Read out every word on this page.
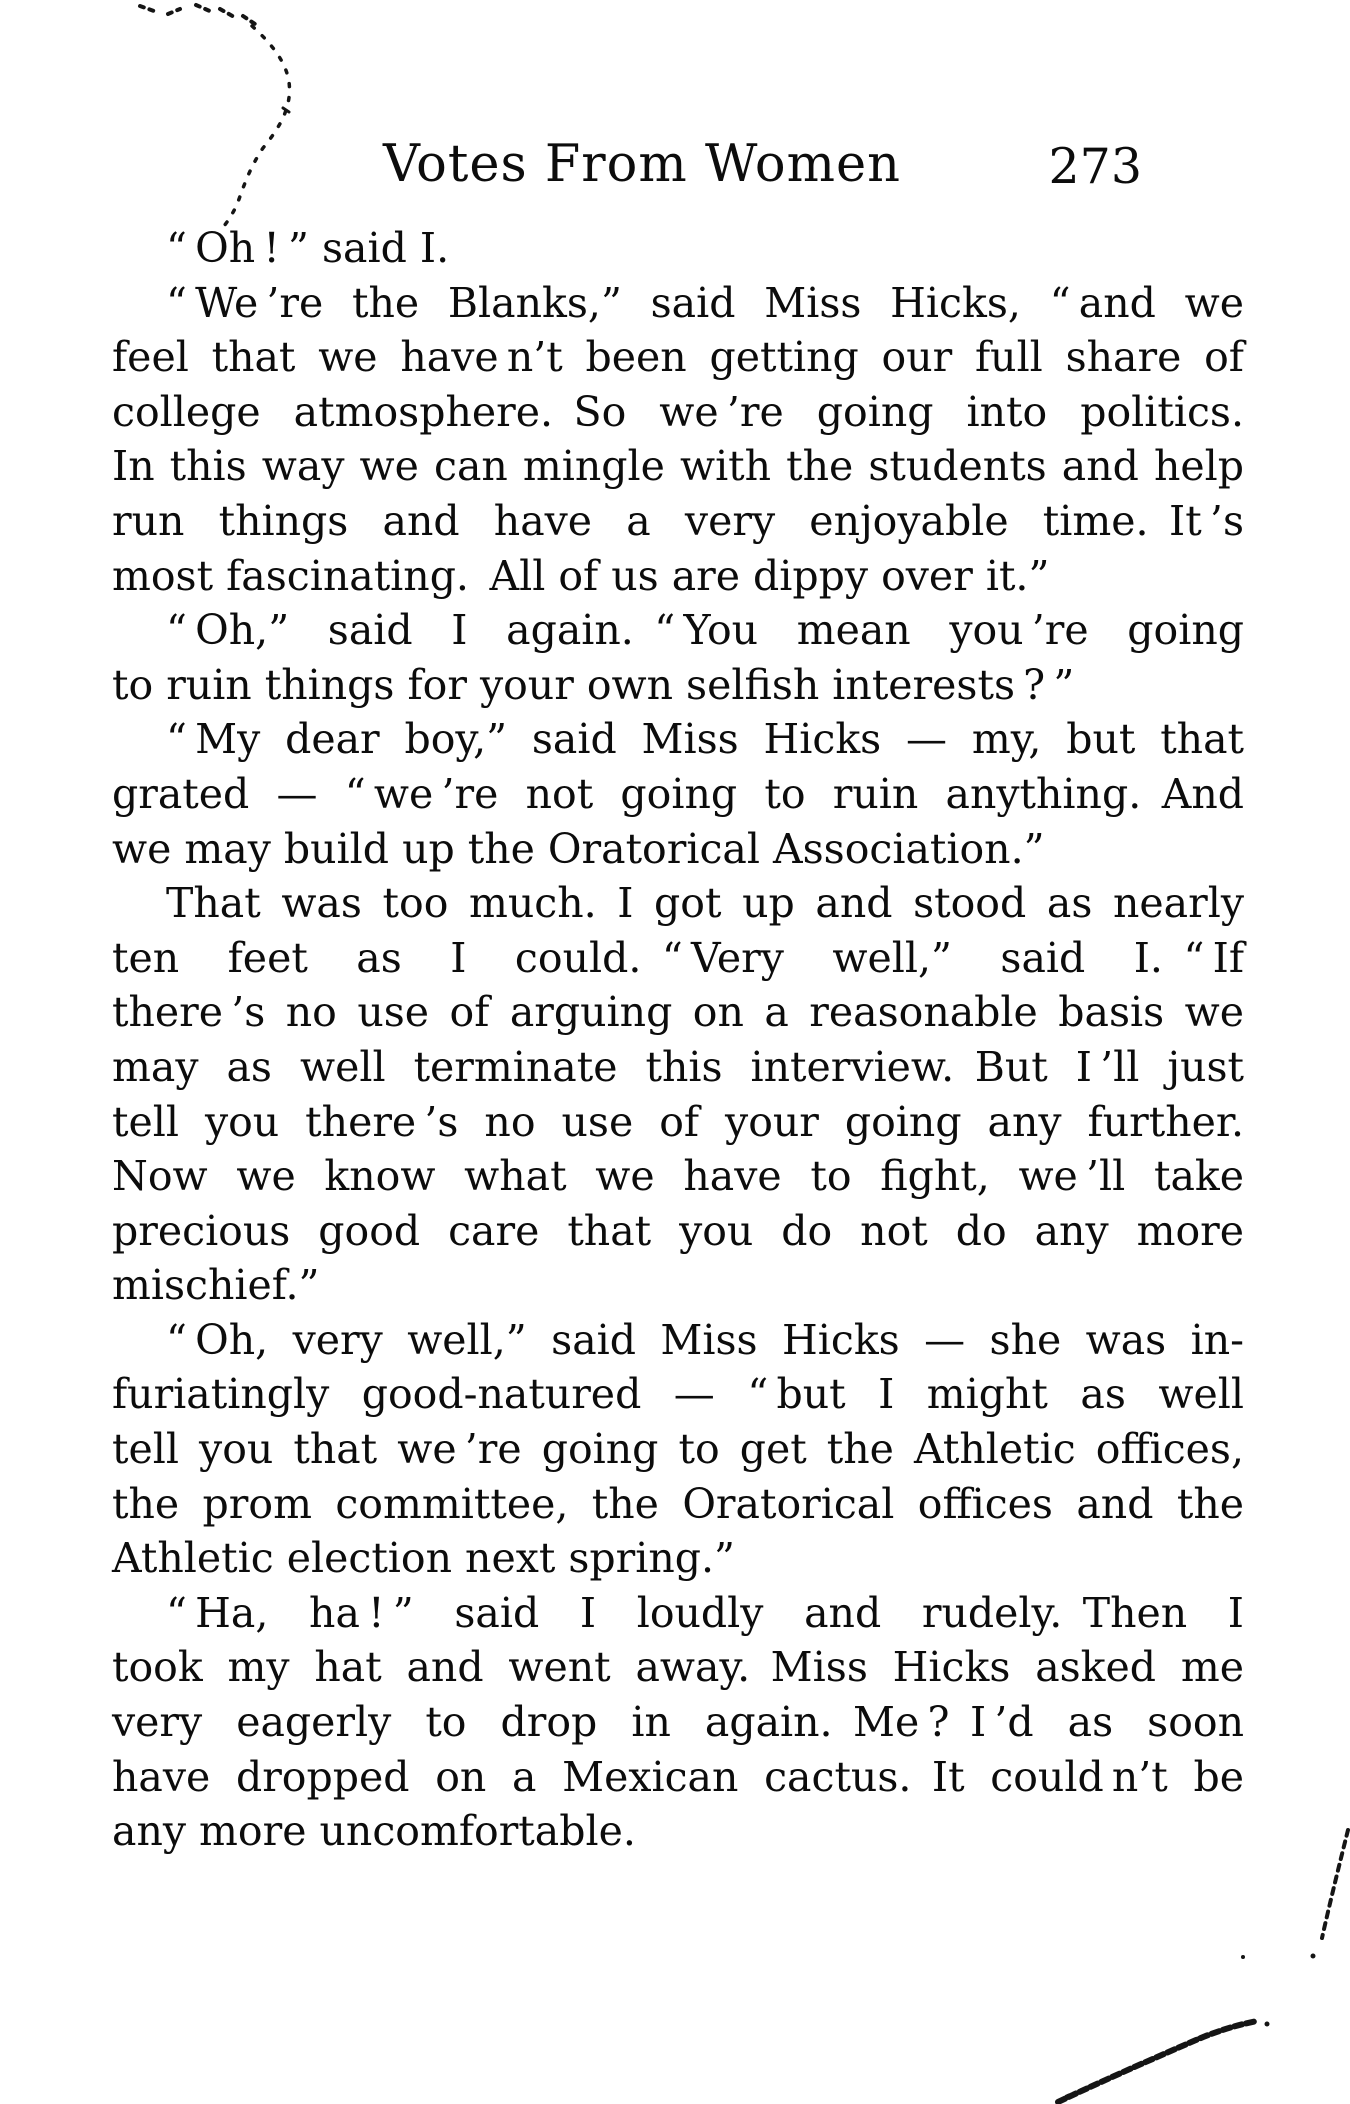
Votes From Women	273
“ Oh ! ” said I.
“ We ’re the Blanks,” said Miss Hicks, “ and we
feel that we have n’t been getting our full share of
college atmosphere. So we ’re going into politics.
In this way we can mingle with the students and help
run things and have a very enjoyable time. It ’s
most fascinating. All of us are dippy over it.”
“ Oh,” said I again. “ You mean you ’re going
to ruin things for your own selfish interests ? ”
“ My dear boy,” said Miss Hicks — my, but that
grated — “ we ’re not going to ruin anything. And
we may build up the Oratorical Association.”
That was too much. I got up and stood as nearly
ten feet as I could. “ Very well,” said I. “ If
there ’s no use of arguing on a reasonable basis we
may as well terminate this interview. But I ’ll just
tell you there ’s no use of your going any further.
Now we know what we have to fight, we ’ll take
precious good care that you do not do any more
mischief.”
“ Oh, very well,” said Miss Hicks — she was in-
furiatingly good-natured — “ but I might as well
tell you that we ’re going to get the Athletic offices,
the prom committee, the Oratorical offices and the
Athletic election next spring.”
“ Ha, ha ! ” said I loudly and rudely. Then I
took my hat and went away. Miss Hicks asked me
very eagerly to drop in again. Me ? I ’d as soon
have dropped on a Mexican cactus. It could n’t be
any more uncomfortable.
